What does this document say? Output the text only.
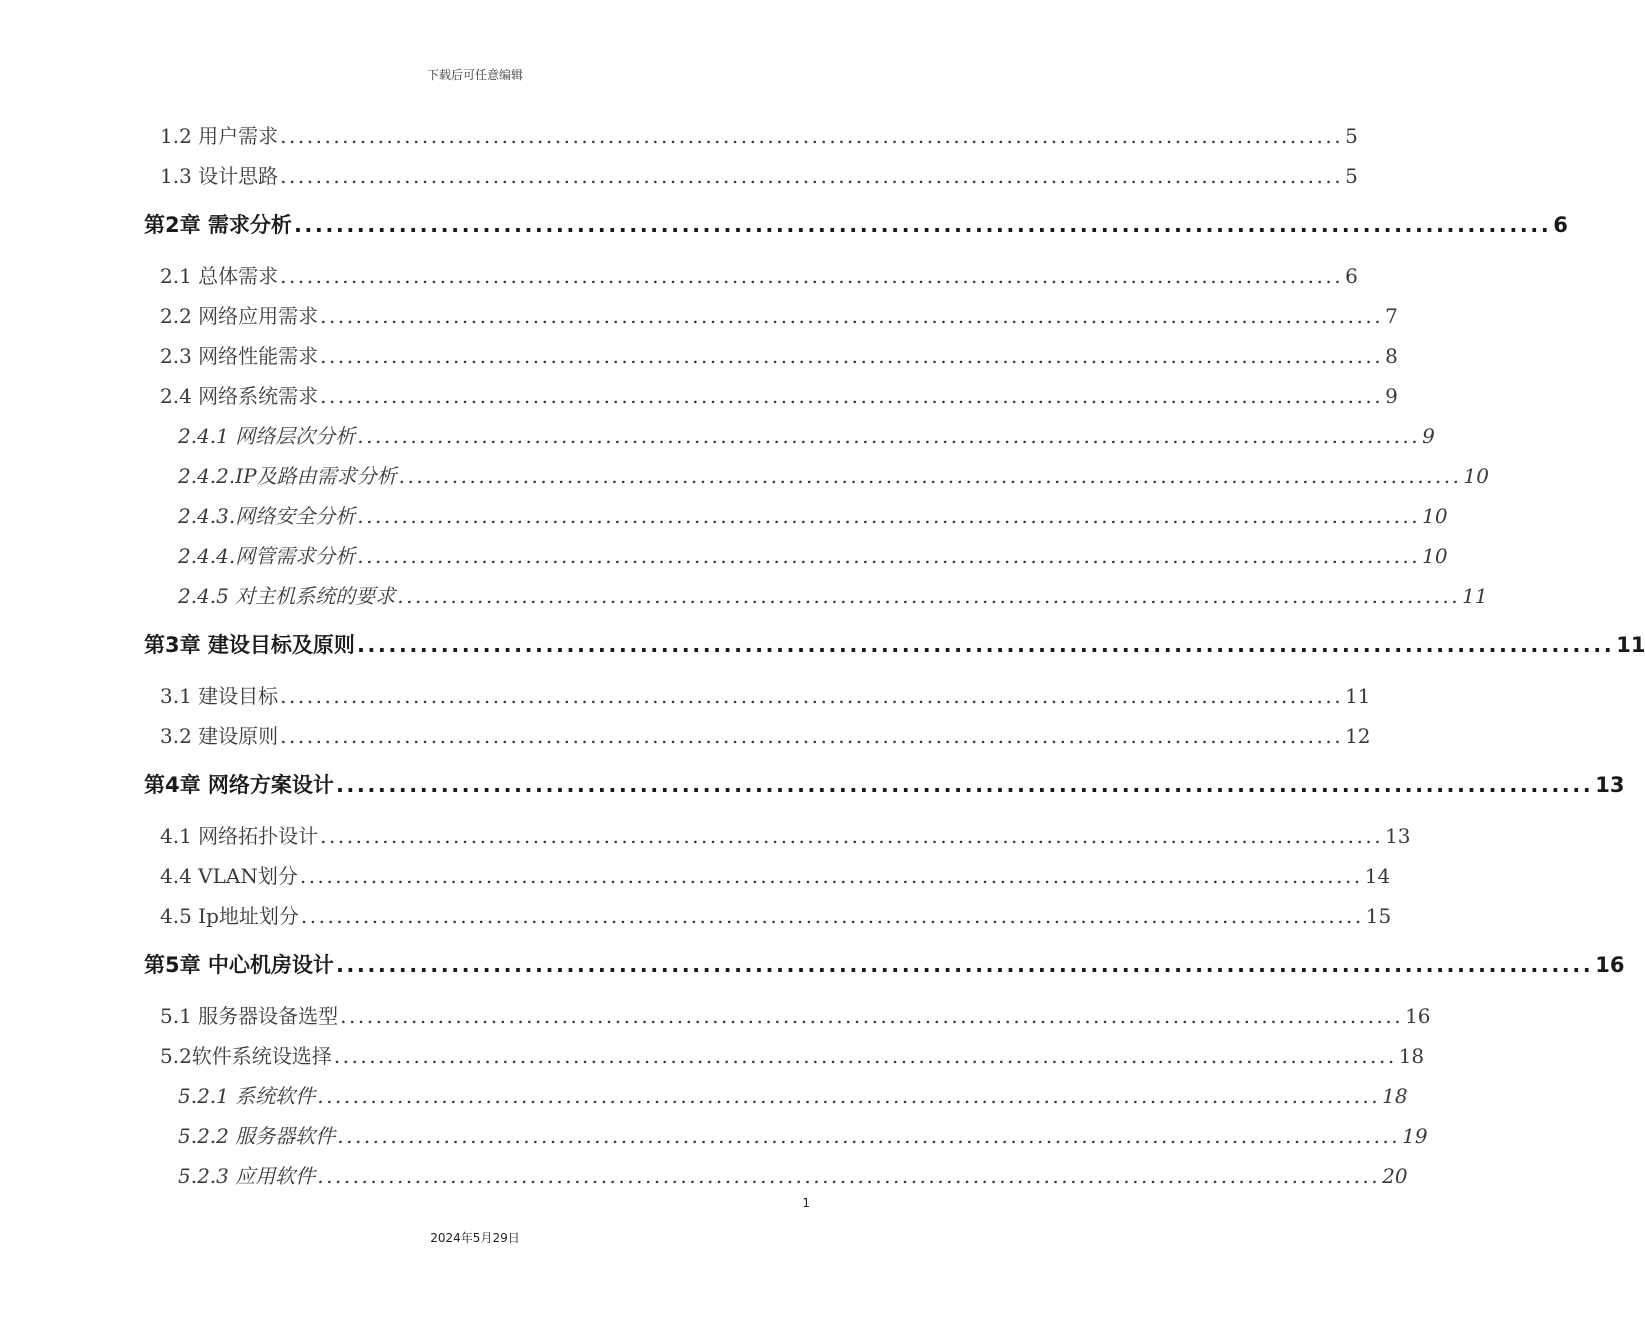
下载后可任意编辑
1.2 用户需求 ........................................................................................................................ 5
1.3 设计思路 ........................................................................................................................ 5
第2章 需求分析 ........................................................................................................................ 6
2.1 总体需求 ........................................................................................................................ 6
2.2 网络应用需求 ........................................................................................................................ 7
2.3 网络性能需求 ........................................................................................................................ 8
2.4 网络系统需求 ........................................................................................................................ 9
2.4.1 网络层次分析 ........................................................................................................................ 9
2.4.2.IP及路由需求分析 ........................................................................................................................ 10
2.4.3.网络安全分析 ........................................................................................................................ 10
2.4.4.网管需求分析 ........................................................................................................................ 10
2.4.5 对主机系统的要求 ........................................................................................................................ 11
第3章 建设目标及原则 ........................................................................................................................ 11
3.1 建设目标 ........................................................................................................................ 11
3.2 建设原则 ........................................................................................................................ 12
第4章 网络方案设计 ........................................................................................................................ 13
4.1 网络拓扑设计 ........................................................................................................................ 13
4.4 VLAN划分 ........................................................................................................................ 14
4.5 Ip地址划分 ........................................................................................................................ 15
第5章 中心机房设计 ........................................................................................................................ 16
5.1 服务器设备选型 ........................................................................................................................ 16
5.2软件系统设选择 ........................................................................................................................ 18
5.2.1 系统软件 ........................................................................................................................ 18
5.2.2 服务器软件 ........................................................................................................................ 19
5.2.3 应用软件 ........................................................................................................................ 20
1
2024年5月29日
